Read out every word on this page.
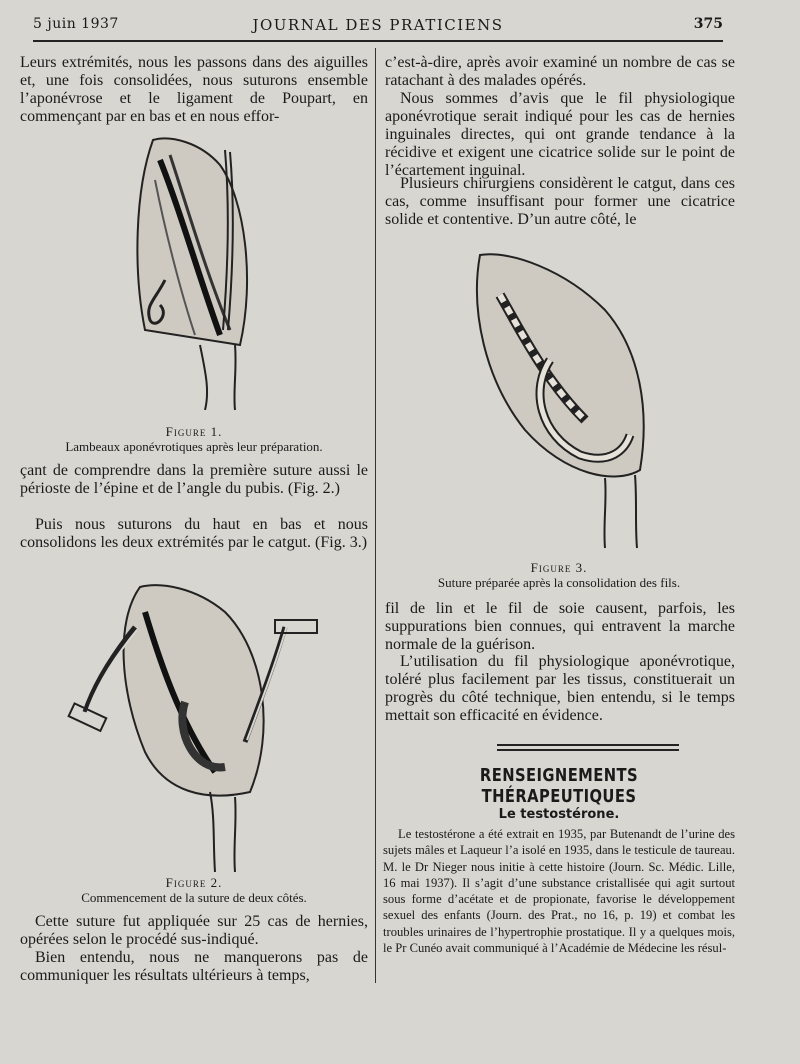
5 juin 1937	JOURNAL DES PRATICIENS	375

Leurs extrémités, nous les passons dans des aiguilles et, une fois consolidées, nous suturons ensemble l’aponévrose et le ligament de Poupart, en commençant par en bas et en nous effor-

Figure 1.
Lambeaux aponévrotiques après leur préparation.

çant de comprendre dans la première suture aussi le périoste de l’épine et de l’angle du pubis. (Fig. 2.)

Puis nous suturons du haut en bas et nous consolidons les deux extrémités par le catgut. (Fig. 3.)

Figure 2.
Commencement de la suture de deux côtés.

Cette suture fut appliquée sur 25 cas de hernies, opérées selon le procédé sus-indiqué.

Bien entendu, nous ne manquerons pas de communiquer les résultats ultérieurs à temps,

c’est-à-dire, après avoir examiné un nombre de cas se ratachant à des malades opérés.

Nous sommes d’avis que le fil physiologique aponévrotique serait indiqué pour les cas de hernies inguinales directes, qui ont grande tendance à la récidive et exigent une cicatrice solide sur le point de l’écartement inguinal.

Plusieurs chirurgiens considèrent le catgut, dans ces cas, comme insuffisant pour former une cicatrice solide et contentive. D’un autre côté, le

Figure 3.
Suture préparée après la consolidation des fils.

fil de lin et le fil de soie causent, parfois, les suppurations bien connues, qui entravent la marche normale de la guérison.

L’utilisation du fil physiologique aponévrotique, toléré plus facilement par les tissus, constituerait un progrès du côté technique, bien entendu, si le temps mettait son efficacité en évidence.

RENSEIGNEMENTS THÉRAPEUTIQUES
Le testostérone.

Le testostérone a été extrait en 1935, par Butenandt de l’urine des sujets mâles et Laqueur l’a isolé en 1935, dans le testicule de taureau. M. le Dr Nieger nous initie à cette histoire (Journ. Sc. Médic. Lille, 16 mai 1937). Il s’agit d’une substance cristallisée qui agit surtout sous forme d’acétate et de propionate, favorise le développement sexuel des enfants (Journ. des Prat., no 16, p. 19) et combat les troubles urinaires de l’hypertrophie prostatique. Il y a quelques mois, le Pr Cunéo avait communiqué à l’Académie de Médecine les résul-
